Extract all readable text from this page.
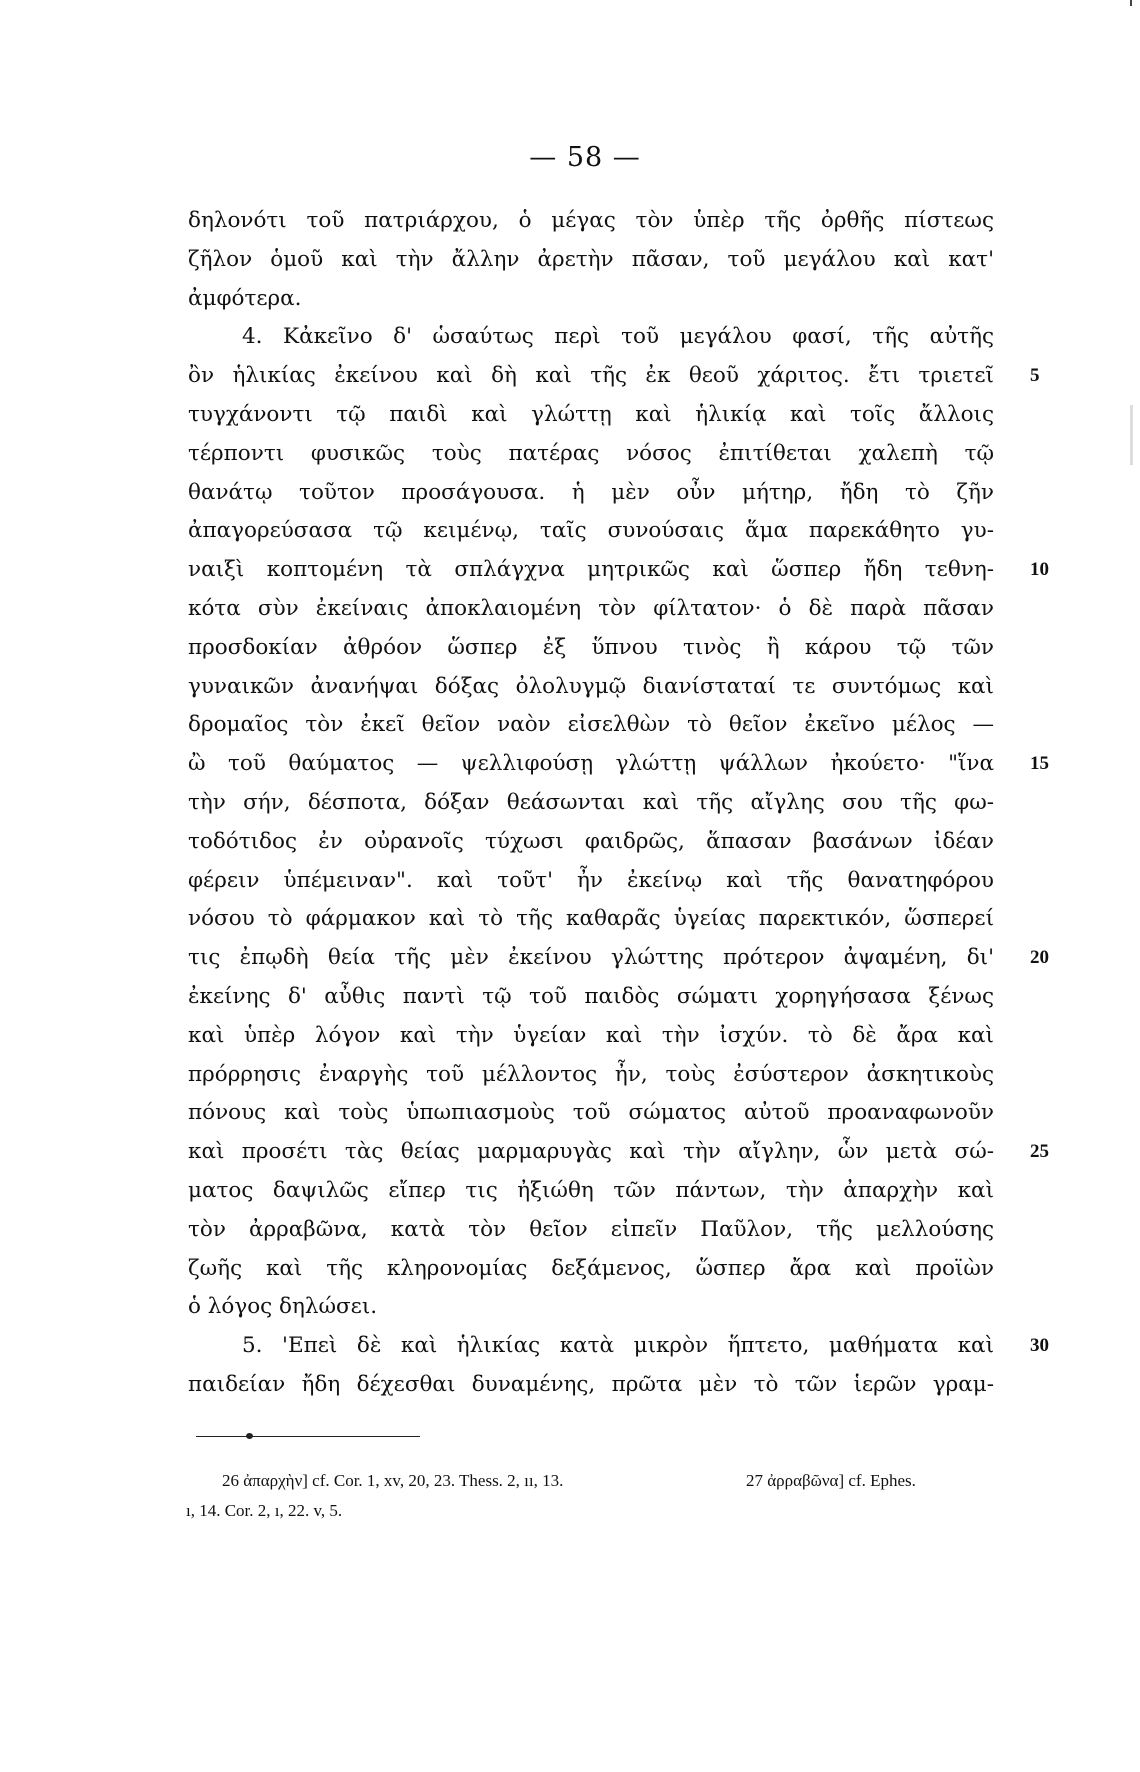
— 58 —
δηλονότι τοῦ πατριάρχου, ὁ μέγας τὸν ὑπὲρ τῆς ὀρθῆς πίστεως
ζῆλον ὁμοῦ καὶ τὴν ἄλλην ἀρετὴν πᾶσαν, τοῦ μεγάλου καὶ κατ'
ἀμφότερα.
4. Κἀκεῖνο δ' ὡσαύτως περὶ τοῦ μεγάλου φασί, τῆς αὐτῆς
ὂν ἡλικίας ἐκείνου καὶ δὴ καὶ τῆς ἐκ θεοῦ χάριτος. ἔτι τριετεῖ 5
τυγχάνοντι τῷ παιδὶ καὶ γλώττῃ καὶ ἡλικίᾳ καὶ τοῖς ἄλλοις
τέρποντι φυσικῶς τοὺς πατέρας νόσος ἐπιτίθεται χαλεπὴ τῷ
θανάτῳ τοῦτον προσάγουσα. ἡ μὲν οὖν μήτηρ, ἤδη τὸ ζῆν
ἀπαγορεύσασα τῷ κειμένῳ, ταῖς συνούσαις ἅμα παρεκάθητο γυ-
ναιξὶ κοπτομένη τὰ σπλάγχνα μητρικῶς καὶ ὥσπερ ἤδη τεθνη- 10
κότα σὺν ἐκείναις ἀποκλαιομένη τὸν φίλτατον· ὁ δὲ παρὰ πᾶσαν
προσδοκίαν ἀθρόον ὥσπερ ἐξ ὕπνου τινὸς ἢ κάρου τῷ τῶν
γυναικῶν ἀνανήψαι δόξας ὀλολυγμῷ διανίσταταί τε συντόμως καὶ
δρομαῖος τὸν ἐκεῖ θεῖον ναὸν εἰσελθὼν τὸ θεῖον ἐκεῖνο μέλος —
ὢ τοῦ θαύματος — ψελλιφούσῃ γλώττῃ ψάλλων ἠκούετο· "ἵνα 15
τὴν σήν, δέσποτα, δόξαν θεάσωνται καὶ τῆς αἴγλης σου τῆς φω-
τοδότιδος ἐν οὐρανοῖς τύχωσι φαιδρῶς, ἅπασαν βασάνων ἰδέαν
φέρειν ὑπέμειναν". καὶ τοῦτ' ἦν ἐκείνῳ καὶ τῆς θανατηφόρου
νόσου τὸ φάρμακον καὶ τὸ τῆς καθαρᾶς ὑγείας παρεκτικόν, ὥσπερεί
τις ἐπῳδὴ θεία τῆς μὲν ἐκείνου γλώττης πρότερον ἀψαμένη, δι' 20
ἐκείνης δ' αὖθις παντὶ τῷ τοῦ παιδὸς σώματι χορηγήσασα ξένως
καὶ ὑπὲρ λόγον καὶ τὴν ὑγείαν καὶ τὴν ἰσχύν. τὸ δὲ ἄρα καὶ
πρόρρησις ἐναργὴς τοῦ μέλλοντος ἦν, τοὺς ἐσύστερον ἀσκητικοὺς
πόνους καὶ τοὺς ὑπωπιασμοὺς τοῦ σώματος αὐτοῦ προαναφωνοῦν
καὶ προσέτι τὰς θείας μαρμαρυγὰς καὶ τὴν αἴγλην, ὧν μετὰ σώ- 25
ματος δαψιλῶς εἴπερ τις ἠξιώθη τῶν πάντων, τὴν ἀπαρχὴν καὶ
τὸν ἀρραβῶνα, κατὰ τὸν θεῖον εἰπεῖν Παῦλον, τῆς μελλούσης
ζωῆς καὶ τῆς κληρονομίας δεξάμενος, ὥσπερ ἄρα καὶ προϊὼν
ὁ λόγος δηλώσει.
5. 'Επεὶ δὲ καὶ ἡλικίας κατὰ μικρὸν ἥπτετο, μαθήματα καὶ 30
παιδείαν ἤδη δέχεσθαι δυναμένης, πρῶτα μὲν τὸ τῶν ἱερῶν γραμ-
26 ἀπαρχὴν] cf. Cor. 1, xv, 20, 23. Thess. 2, ıı, 13.	27 ἀρραβῶνα] cf. Ephes.
ı, 14. Cor. 2, ı, 22. v, 5.
